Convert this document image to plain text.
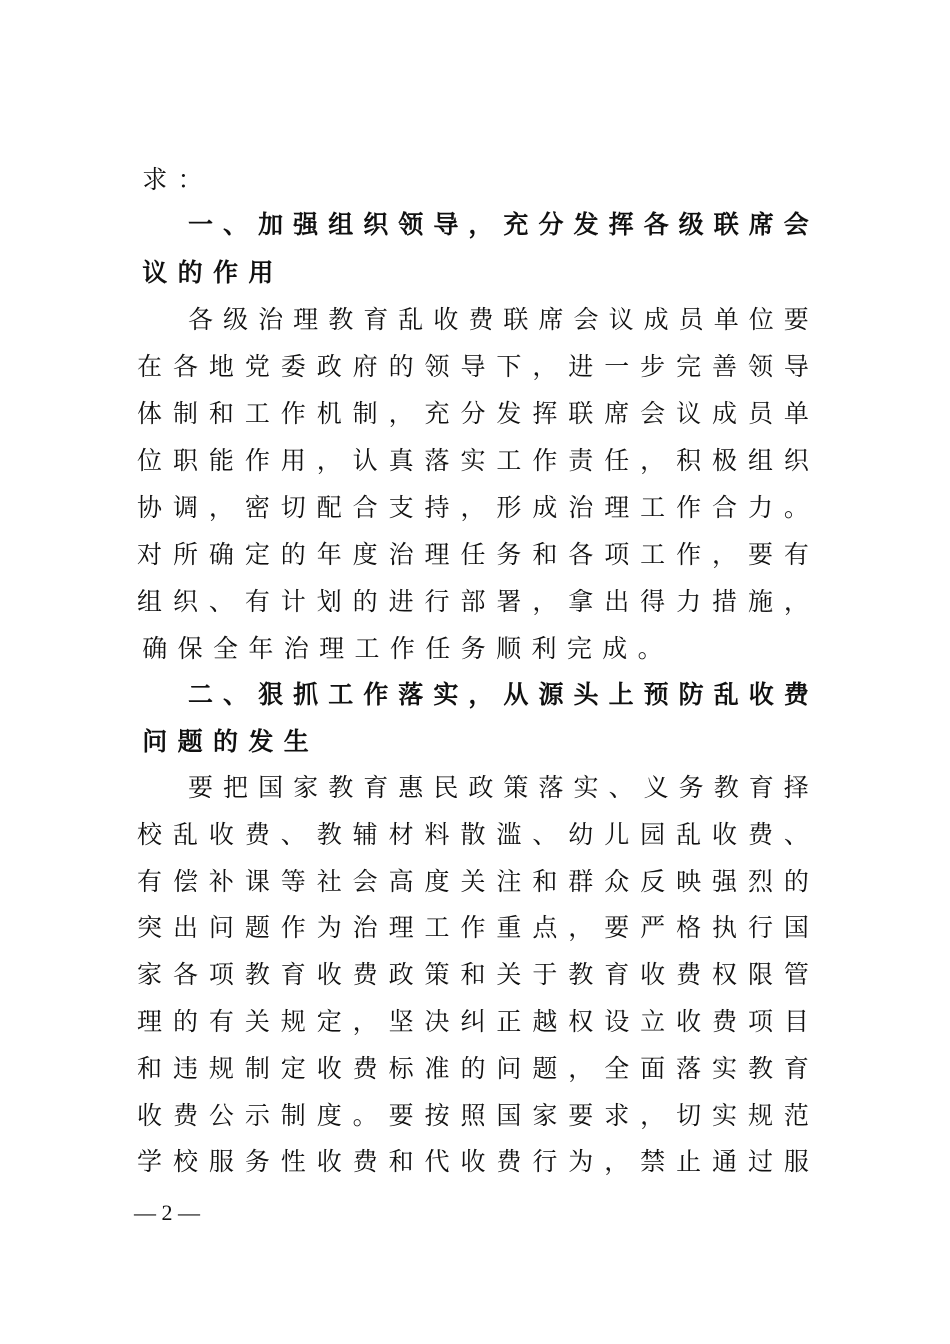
求 ：
一 、 加 强 组 织 领 导 ， 充 分 发 挥 各 级 联 席 会
议 的 作 用
各 级 治 理 教 育 乱 收 费 联 席 会 议 成 员 单 位 要
在 各 地 党 委 政 府 的 领 导 下 ， 进 一 步 完 善 领 导
体 制 和 工 作 机 制 ， 充 分 发 挥 联 席 会 议 成 员 单
位 职 能 作 用 ， 认 真 落 实 工 作 责 任 ， 积 极 组 织
协 调 ， 密 切 配 合 支 持 ， 形 成 治 理 工 作 合 力 。
对 所 确 定 的 年 度 治 理 任 务 和 各 项 工 作 ， 要 有
组 织 、 有 计 划 的 进 行 部 署 ， 拿 出 得 力 措 施 ，
确 保 全 年 治 理 工 作 任 务 顺 利 完 成 。
二 、 狠 抓 工 作 落 实 ， 从 源 头 上 预 防 乱 收 费
问 题 的 发 生
要 把 国 家 教 育 惠 民 政 策 落 实 、 义 务 教 育 择
校 乱 收 费 、 教 辅 材 料 散 滥 、 幼 儿 园 乱 收 费 、
有 偿 补 课 等 社 会 高 度 关 注 和 群 众 反 映 强 烈 的
突 出 问 题 作 为 治 理 工 作 重 点 ， 要 严 格 执 行 国
家 各 项 教 育 收 费 政 策 和 关 于 教 育 收 费 权 限 管
理 的 有 关 规 定 ， 坚 决 纠 正 越 权 设 立 收 费 项 目
和 违 规 制 定 收 费 标 准 的 问 题 ， 全 面 落 实 教 育
收 费 公 示 制 度 。 要 按 照 国 家 要 求 ， 切 实 规 范
学 校 服 务 性 收 费 和 代 收 费 行 为 ， 禁 止 通 过 服
— 2 —
